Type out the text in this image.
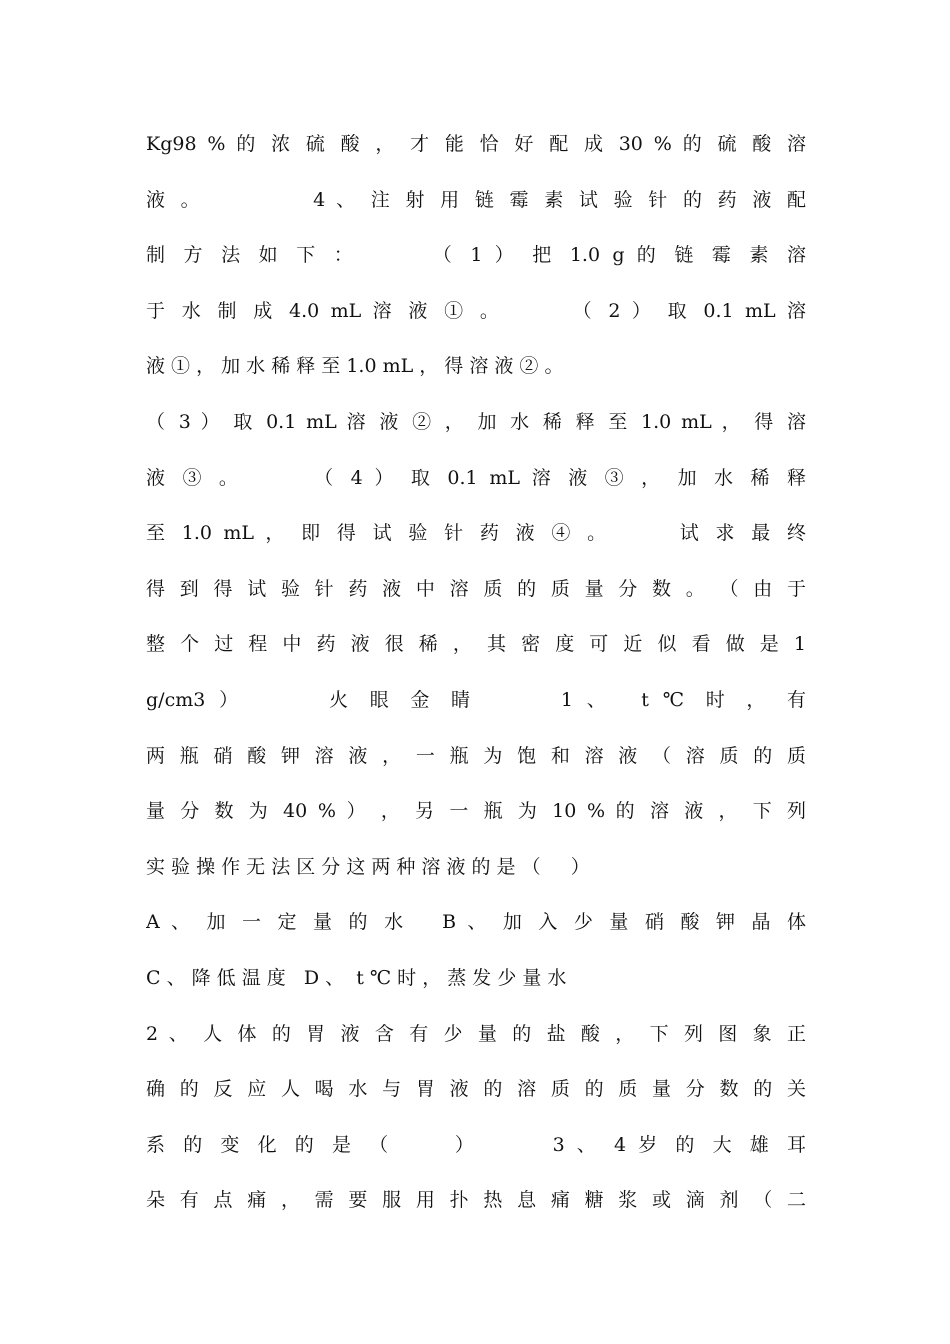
Kg98 % 的 浓 硫 酸 ， 才 能 恰 好 配 成 30 % 的 硫 酸 溶
液 。          4 、 注 射 用 链 霉 素 试 验 针 的 药 液 配
制 方 法 如 下 ：      （ 1 ） 把 1.0 g 的 链 霉 素 溶
于 水 制 成 4.0 mL 溶 液 ① 。      （ 2 ） 取 0.1 mL 溶
液 ① ， 加 水 稀 释 至 1.0 mL ， 得 溶 液 ② 。
（ 3 ） 取 0.1 mL 溶 液 ② ， 加 水 稀 释 至 1.0 mL ， 得 溶
液 ③ 。      （ 4 ） 取 0.1 mL 溶 液 ③ ， 加 水 稀 释
至 1.0 mL ， 即 得 试 验 针 药 液 ④ 。      试 求 最 终
得 到 得 试 验 针 药 液 中 溶 质 的 质 量 分 数 。 （ 由 于
整 个 过 程 中 药 液 很 稀 ， 其 密 度 可 近 似 看 做 是 1
g/cm3 ）      火 眼 金 睛      1 、  t ℃ 时 ， 有
两 瓶 硝 酸 钾 溶 液 ， 一 瓶 为 饱 和 溶 液 （ 溶 质 的 质
量 分 数 为 40 % ） ， 另 一 瓶 为 10 % 的 溶 液 ， 下 列
实 验 操 作 无 法 区 分 这 两 种 溶 液 的 是 （     ）
A 、 加 一 定 量 的 水   B 、 加 入 少 量 硝 酸 钾 晶 体
C 、 降 低 温 度   D 、  t ℃ 时 ， 蒸 发 少 量 水
2 、 人 体 的 胃 液 含 有 少 量 的 盐 酸 ， 下 列 图 象 正
确 的 反 应 人 喝 水 与 胃 液 的 溶 质 的 质 量 分 数 的 关
系 的 变 化 的 是 （     ）      3 、 4 岁 的 大 雄 耳
朵 有 点 痛 ， 需 要 服 用 扑 热 息 痛 糖 浆 或 滴 剂 （ 二
